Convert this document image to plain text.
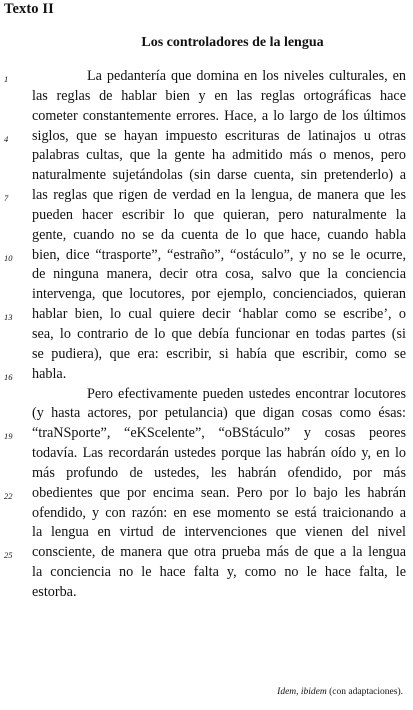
Texto II
Los controladores de la lengua
1	La pedantería que domina en los niveles culturales, en
las reglas de hablar bien y en las reglas ortográficas hace
cometer constantemente errores. Hace, a lo largo de los últimos
4	siglos, que se hayan impuesto escrituras de latinajos u otras
palabras cultas, que la gente ha admitido más o menos, pero
naturalmente sujetándolas (sin darse cuenta, sin pretenderlo) a
7	las reglas que rigen de verdad en la lengua, de manera que les
pueden hacer escribir lo que quieran, pero naturalmente la
gente, cuando no se da cuenta de lo que hace, cuando habla
10	bien, dice “trasporte”, “estraño”, “ostáculo”, y no se le ocurre,
de ninguna manera, decir otra cosa, salvo que la conciencia
intervenga, que locutores, por ejemplo, concienciados, quieran
13	hablar bien, lo cual quiere decir ‘hablar como se escribe’, o
sea, lo contrario de lo que debía funcionar en todas partes (si
se pudiera), que era: escribir, si había que escribir, como se
16	habla.
Pero efectivamente pueden ustedes encontrar locutores
(y hasta actores, por petulancia) que digan cosas como ésas:
19	“traNSporte”, “eKScelente”, “oBStáculo” y cosas peores
todavía. Las recordarán ustedes porque las habrán oído y, en lo
más profundo de ustedes, les habrán ofendido, por más
22	obedientes que por encima sean. Pero por lo bajo les habrán
ofendido, y con razón: en ese momento se está traicionando a
la lengua en virtud de intervenciones que vienen del nivel
25	consciente, de manera que otra prueba más de que a la lengua
la conciencia no le hace falta y, como no le hace falta, le
estorba.
Idem, ibidem (con adaptaciones).
